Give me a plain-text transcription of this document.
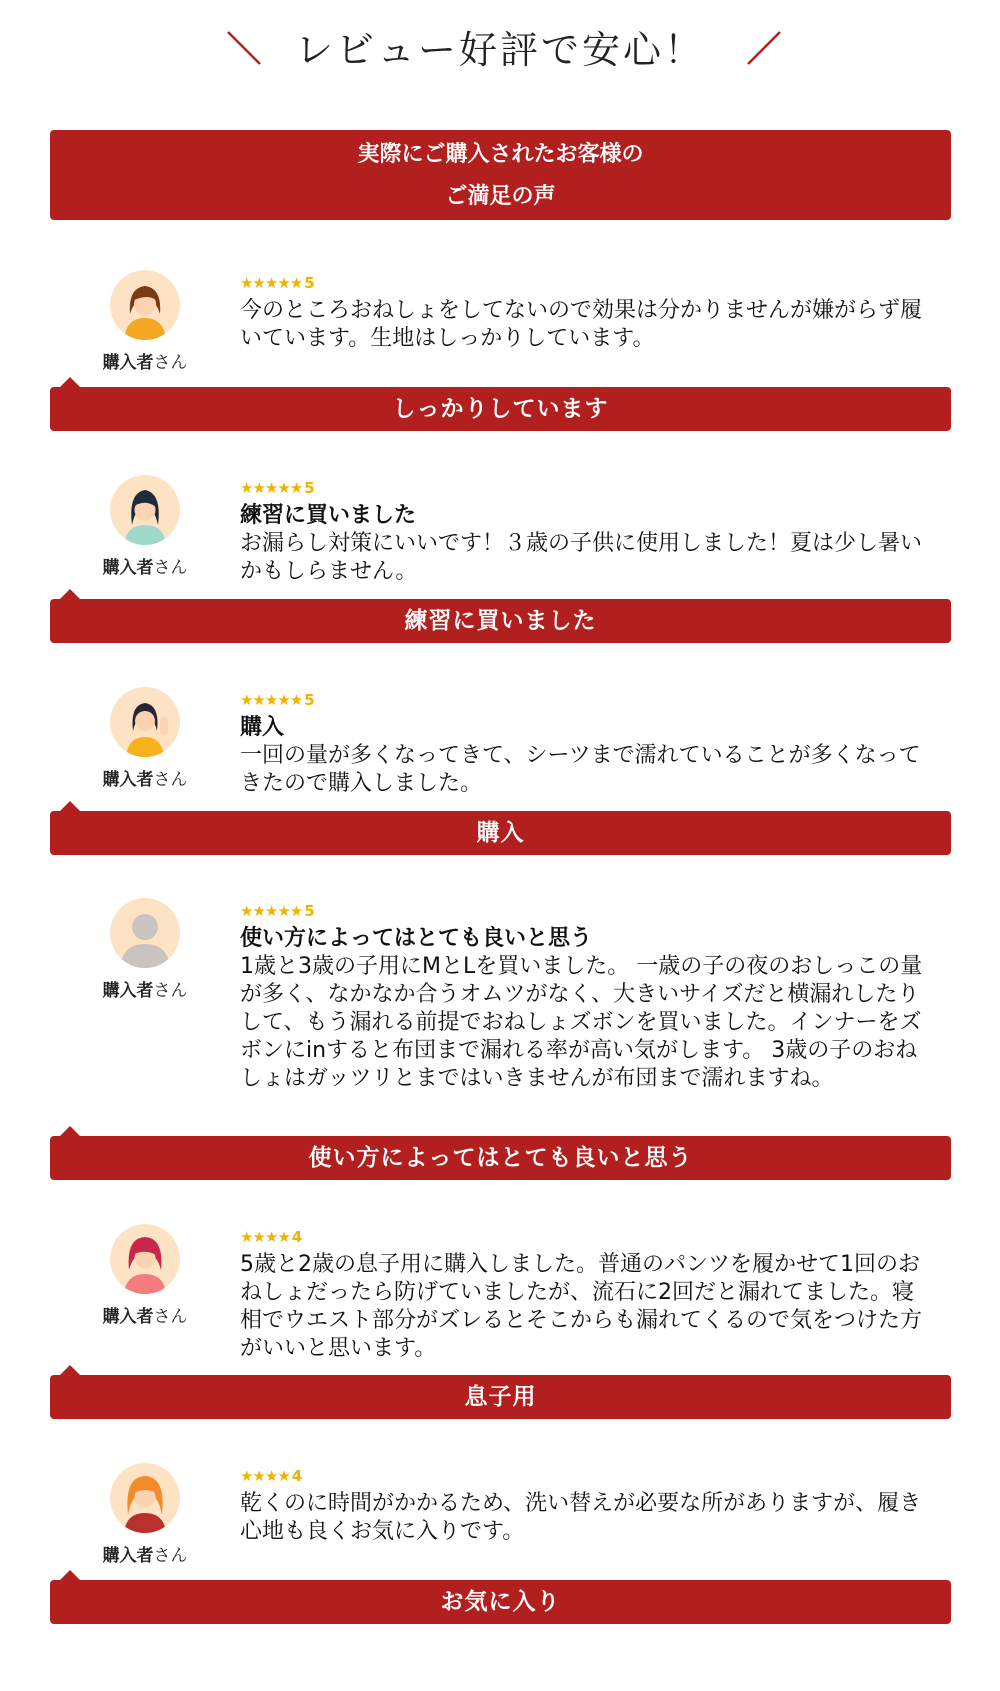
レビュー好評で安心！
実際にご購入されたお客様の
ご満足の声
購入者さん
★★★★★ 5
今のところおねしょをしてないので効果は分かりませんが嫌がらず履いています。生地はしっかりしています。
しっかりしています
購入者さん
★★★★★ 5
練習に買いました
お漏らし対策にいいです！３歳の子供に使用しました！夏は少し暑いかもしらません。
練習に買いました
購入者さん
★★★★★ 5
購入
一回の量が多くなってきて、シーツまで濡れていることが多くなってきたので購入しました。
購入
購入者さん
★★★★★ 5
使い方によってはとても良いと思う
1歳と3歳の子用にMとLを買いました。 一歳の子の夜のおしっこの量が多く、なかなか合うオムツがなく、大きいサイズだと横漏れしたりして、もう漏れる前提でおねしょズボンを買いました。インナーをズボンにinすると布団まで漏れる率が高い気がします。 3歳の子のおねしょはガッツリとまではいきませんが布団まで濡れますね。
使い方によってはとても良いと思う
購入者さん
★★★★ 4
5歳と2歳の息子用に購入しました。普通のパンツを履かせて1回のおねしょだったら防げていましたが、流石に2回だと漏れてました。寝相でウエスト部分がズレるとそこからも漏れてくるので気をつけた方がいいと思います。
息子用
購入者さん
★★★★ 4
乾くのに時間がかかるため、洗い替えが必要な所がありますが、履き心地も良くお気に入りです。
お気に入り
